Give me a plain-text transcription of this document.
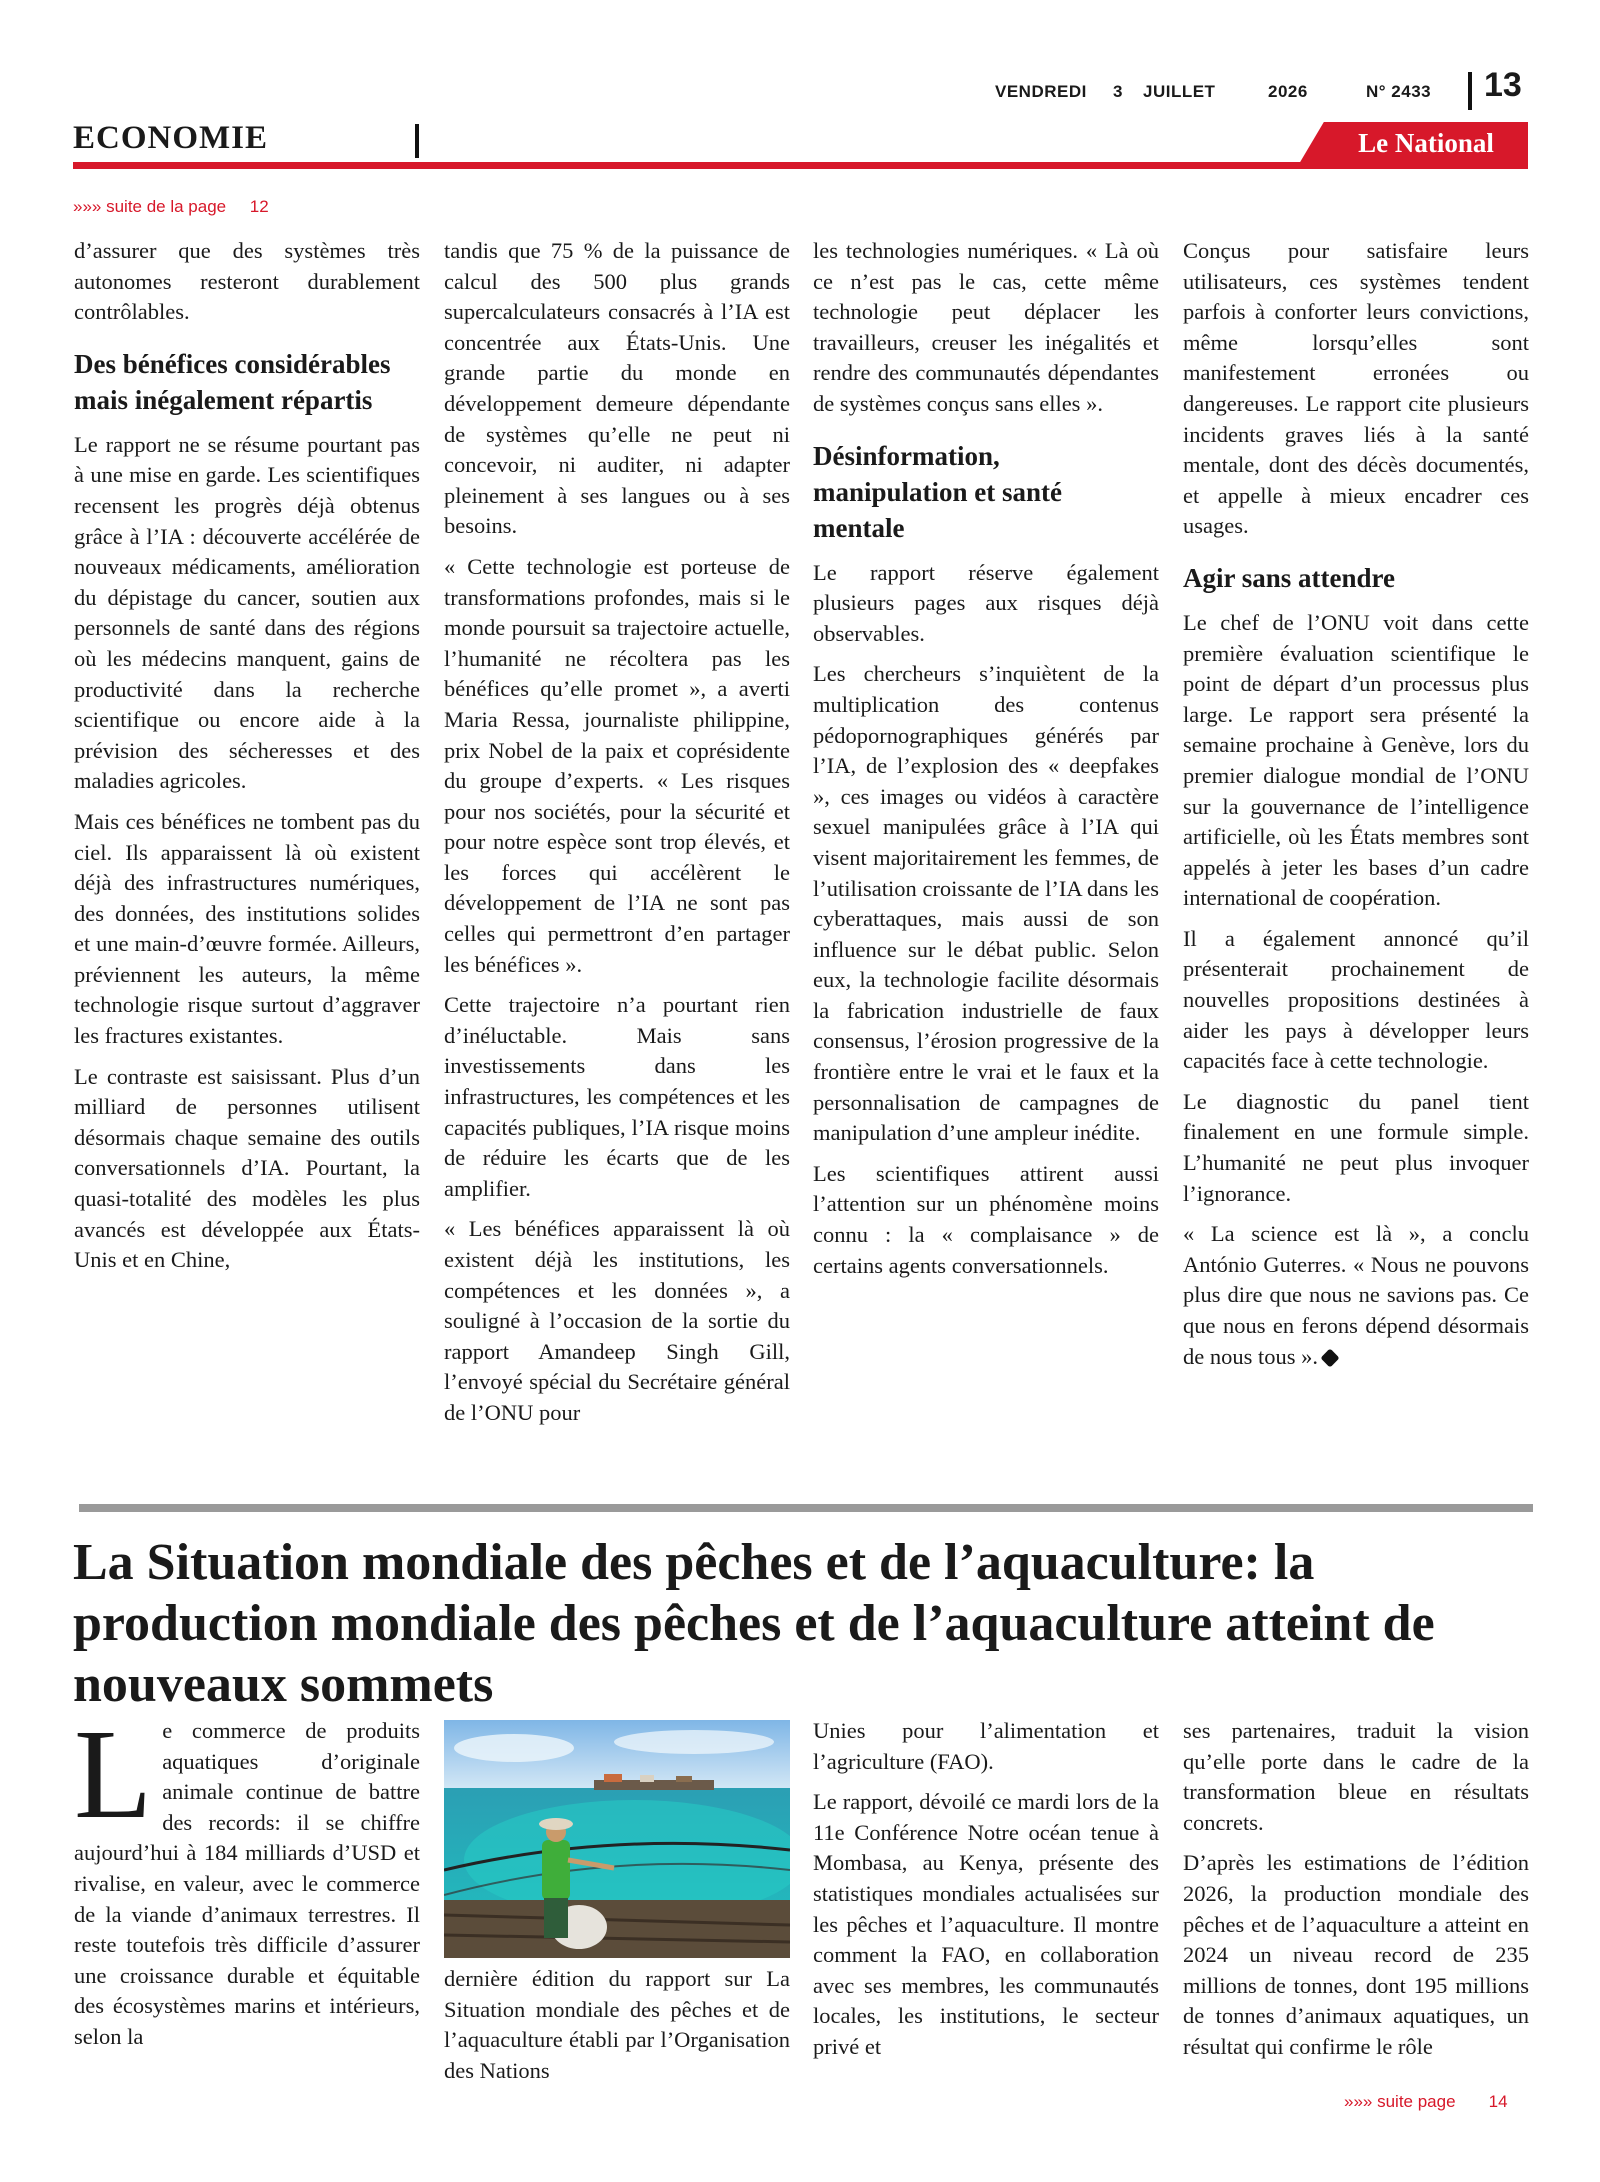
VENDREDI 3 JUILLET	2026	N° 2433	13
ECONOMIE	Le National
»»» suite de la page 12

d’assurer que des systèmes très autonomes resteront durablement contrôlables.

Des bénéfices considérables mais inégalement répartis

Le rapport ne se résume pourtant pas à une mise en garde. Les scientifiques recensent les progrès déjà obtenus grâce à l’IA : découverte accélérée de nouveaux médicaments, amélioration du dépistage du cancer, soutien aux personnels de santé dans des régions où les médecins manquent, gains de productivité dans la recherche scientifique ou encore aide à la prévision des sécheresses et des maladies agricoles.

Mais ces bénéfices ne tombent pas du ciel. Ils apparaissent là où existent déjà des infrastructures numériques, des données, des institutions solides et une main-d’œuvre formée. Ailleurs, préviennent les auteurs, la même technologie risque surtout d’aggraver les fractures existantes.

Le contraste est saisissant. Plus d’un milliard de personnes utilisent désormais chaque semaine des outils conversationnels d’IA. Pourtant, la quasi-totalité des modèles les plus avancés est développée aux États-Unis et en Chine,

tandis que 75 % de la puissance de calcul des 500 plus grands supercalculateurs consacrés à l’IA est concentrée aux États-Unis. Une grande partie du monde en développement demeure dépendante de systèmes qu’elle ne peut ni concevoir, ni auditer, ni adapter pleinement à ses langues ou à ses besoins.

« Cette technologie est porteuse de transformations profondes, mais si le monde poursuit sa trajectoire actuelle, l’humanité ne récoltera pas les bénéfices qu’elle promet », a averti Maria Ressa, journaliste philippine, prix Nobel de la paix et coprésidente du groupe d’experts. « Les risques pour nos sociétés, pour la sécurité et pour notre espèce sont trop élevés, et les forces qui accélèrent le développement de l’IA ne sont pas celles qui permettront d’en partager les bénéfices ».

Cette trajectoire n’a pourtant rien d’inéluctable. Mais sans investissements dans les infrastructures, les compétences et les capacités publiques, l’IA risque moins de réduire les écarts que de les amplifier.

« Les bénéfices apparaissent là où existent déjà les institutions, les compétences et les données », a souligné à l’occasion de la sortie du rapport Amandeep Singh Gill, l’envoyé spécial du Secrétaire général de l’ONU pour

les technologies numériques. « Là où ce n’est pas le cas, cette même technologie peut déplacer les travailleurs, creuser les inégalités et rendre des communautés dépendantes de systèmes conçus sans elles ».

Désinformation, manipulation et santé mentale

Le rapport réserve également plusieurs pages aux risques déjà observables.

Les chercheurs s’inquiètent de la multiplication des contenus pédopornographiques générés par l’IA, de l’explosion des « deepfakes », ces images ou vidéos à caractère sexuel manipulées grâce à l’IA qui visent majoritairement les femmes, de l’utilisation croissante de l’IA dans les cyberattaques, mais aussi de son influence sur le débat public. Selon eux, la technologie facilite désormais la fabrication industrielle de faux consensus, l’érosion progressive de la frontière entre le vrai et le faux et la personnalisation de campagnes de manipulation d’une ampleur inédite.

Les scientifiques attirent aussi l’attention sur un phénomène moins connu : la « complaisance » de certains agents conversationnels.

Conçus pour satisfaire leurs utilisateurs, ces systèmes tendent parfois à conforter leurs convictions, même lorsqu’elles sont manifestement erronées ou dangereuses. Le rapport cite plusieurs incidents graves liés à la santé mentale, dont des décès documentés, et appelle à mieux encadrer ces usages.

Agir sans attendre

Le chef de l’ONU voit dans cette première évaluation scientifique le point de départ d’un processus plus large. Le rapport sera présenté la semaine prochaine à Genève, lors du premier dialogue mondial de l’ONU sur la gouvernance de l’intelligence artificielle, où les États membres sont appelés à jeter les bases d’un cadre international de coopération.

Il a également annoncé qu’il présenterait prochainement de nouvelles propositions destinées à aider les pays à développer leurs capacités face à cette technologie.

Le diagnostic du panel tient finalement en une formule simple. L’humanité ne peut plus invoquer l’ignorance.

« La science est là », a conclu António Guterres. « Nous ne pouvons plus dire que nous ne savions pas. Ce que nous en ferons dépend désormais de nous tous ».

La Situation mondiale des pêches et de l’aquaculture: la production mondiale des pêches et de l’aquaculture atteint de nouveaux sommets
L e commerce de produits aquatiques d’originale animale continue de battre des records: il se chiffre aujourd’hui à 184 milliards d’USD et rivalise, en valeur, avec le commerce de la viande d’animaux terrestres. Il reste toutefois très difficile d’assurer une croissance durable et équitable des écosystèmes marins et intérieurs, selon la

dernière édition du rapport sur La Situation mondiale des pêches et de l’aquaculture établi par l’Organisation des Nations

Unies pour l’alimentation et l’agriculture (FAO).

Le rapport, dévoilé ce mardi lors de la 11e Conférence Notre océan tenue à Mombasa, au Kenya, présente des statistiques mondiales actualisées sur les pêches et l’aquaculture. Il montre comment la FAO, en collaboration avec ses membres, les communautés locales, les institutions, le secteur privé et

ses partenaires, traduit la vision qu’elle porte dans le cadre de la transformation bleue en résultats concrets.

D’après les estimations de l’édition 2026, la production mondiale des pêches et de l’aquaculture a atteint en 2024 un niveau record de 235 millions de tonnes, dont 195 millions de tonnes d’animaux aquatiques, un résultat qui confirme le rôle

»»» suite page 14
